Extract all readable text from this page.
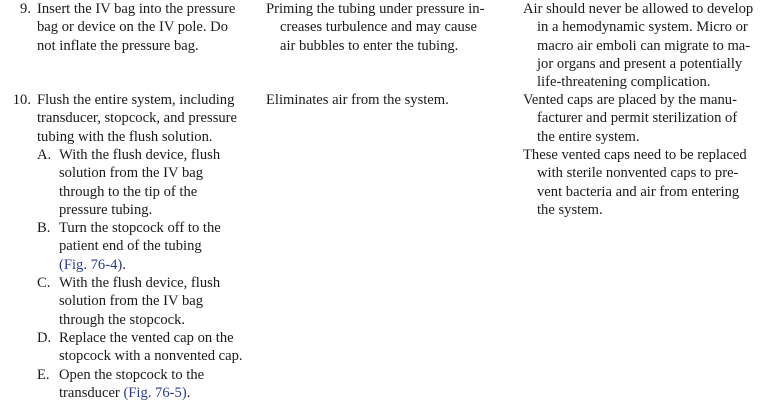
9. Insert the IV bag into the pressure
bag or device on the IV pole. Do
not inflate the pressure bag.
10. Flush the entire system, including
transducer, stopcock, and pressure
tubing with the flush solution.
A. With the flush device, flush
solution from the IV bag
through to the tip of the
pressure tubing.
B. Turn the stopcock off to the
patient end of the tubing
(Fig. 76-4).
C. With the flush device, flush
solution from the IV bag
through the stopcock.
D. Replace the vented cap on the
stopcock with a nonvented cap.
E. Open the stopcock to the
transducer (Fig. 76-5).
Priming the tubing under pressure in-
creases turbulence and may cause
air bubbles to enter the tubing.
Eliminates air from the system.
Air should never be allowed to develop
in a hemodynamic system. Micro or
macro air emboli can migrate to ma-
jor organs and present a potentially
life-threatening complication.
Vented caps are placed by the manu-
facturer and permit sterilization of
the entire system.
These vented caps need to be replaced
with sterile nonvented caps to pre-
vent bacteria and air from entering
the system.
